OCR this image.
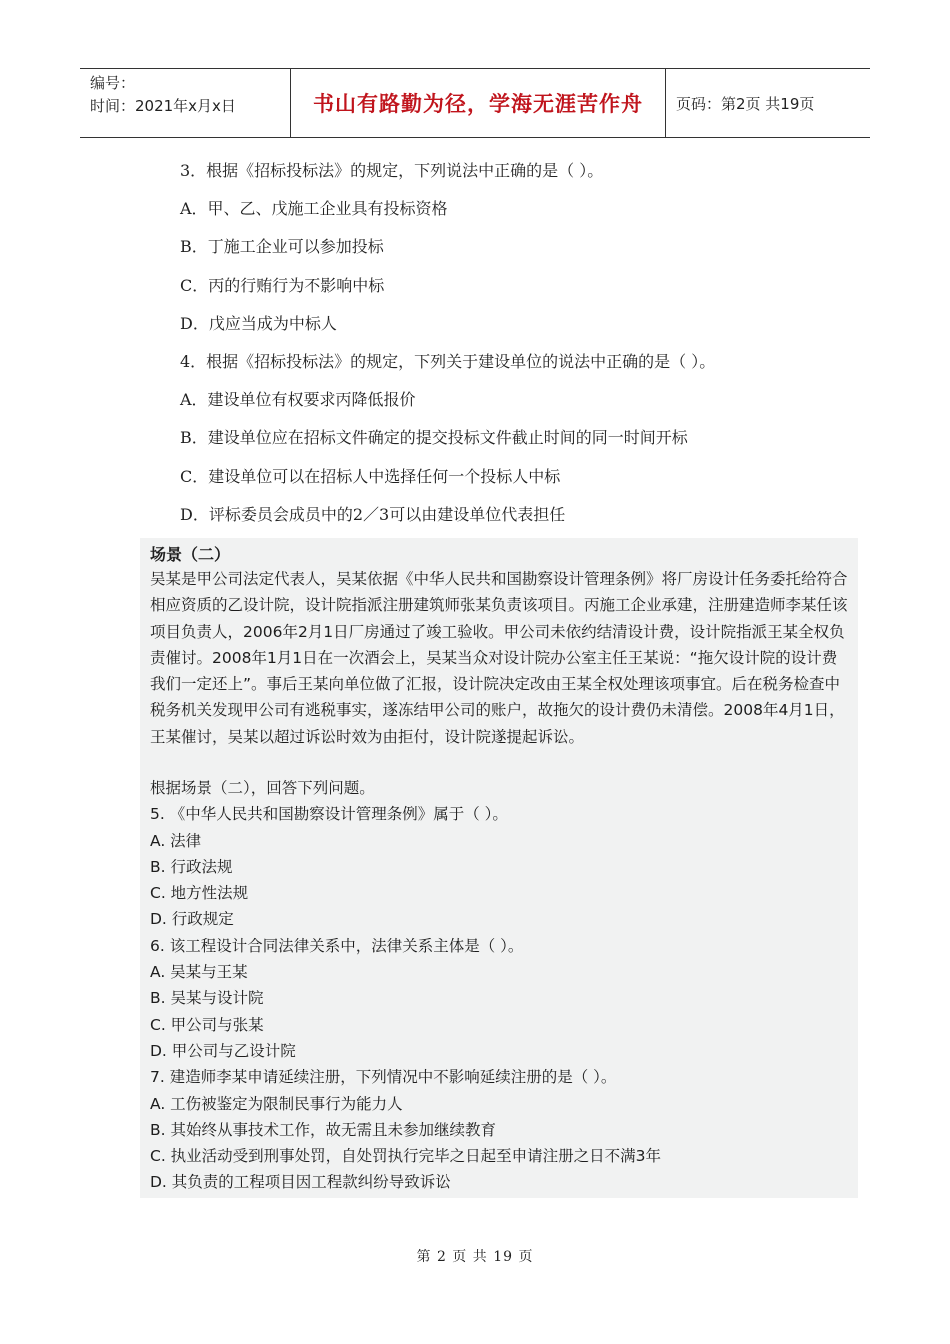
编号：
时间：2021年x月x日	书山有路勤为径，学海无涯苦作舟	页码：第2页 共19页
3．根据《招标投标法》的规定，下列说法中正确的是（ ）。
A．甲、乙、戊施工企业具有投标资格
B．丁施工企业可以参加投标
C．丙的行贿行为不影响中标
D．戊应当成为中标人
4．根据《招标投标法》的规定，下列关于建设单位的说法中正确的是（ ）。
A．建设单位有权要求丙降低报价
B．建设单位应在招标文件确定的提交投标文件截止时间的同一时间开标
C．建设单位可以在招标人中选择任何一个投标人中标
D．评标委员会成员中的2／3可以由建设单位代表担任
场景（二）

吴某是甲公司法定代表人，吴某依据《中华人民共和国勘察设计管理条例》将厂房设计任务委托给符合相应资质的乙设计院，设计院指派注册建筑师张某负责该项目。丙施工企业承建，注册建造师李某任该项目负责人，2006年2月1日厂房通过了竣工验收。甲公司未依约结清设计费，设计院指派王某全权负责催讨。2008年1月1日在一次酒会上，吴某当众对设计院办公室主任王某说：“拖欠设计院的设计费我们一定还上”。事后王某向单位做了汇报，设计院决定改由王某全权处理该项事宜。后在税务检查中税务机关发现甲公司有逃税事实，遂冻结甲公司的账户，故拖欠的设计费仍未清偿。2008年4月1日，王某催讨，吴某以超过诉讼时效为由拒付，设计院遂提起诉讼。

根据场景（二），回答下列问题。
5. 《中华人民共和国勘察设计管理条例》属于（ ）。
A. 法律
B. 行政法规
C. 地方性法规
D. 行政规定
6. 该工程设计合同法律关系中，法律关系主体是（ ）。
A. 吴某与王某
B. 吴某与设计院
C. 甲公司与张某
D. 甲公司与乙设计院
7. 建造师李某申请延续注册，下列情况中不影响延续注册的是（ ）。
A. 工伤被鉴定为限制民事行为能力人
B. 其始终从事技术工作，故无需且未参加继续教育
C. 执业活动受到刑事处罚，自处罚执行完毕之日起至申请注册之日不满3年
D. 其负责的工程项目因工程款纠纷导致诉讼
第 2 页 共 19 页
